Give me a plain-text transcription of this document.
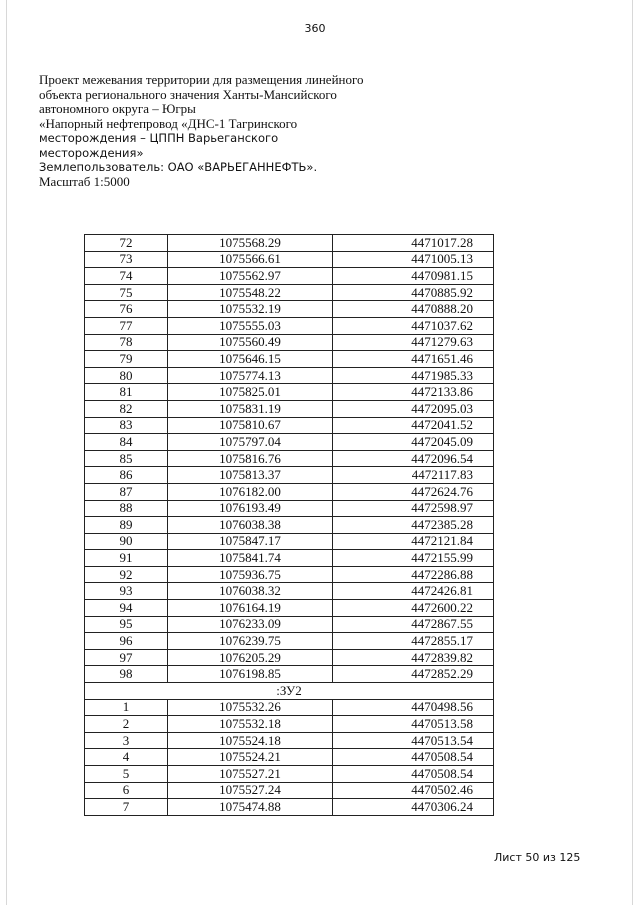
360
Проект межевания территории для размещения линейного
объекта регионального значения Ханты-Мансийского
автономного округа – Югры
«Напорный нефтепровод «ДНС-1 Тагринского
месторождения – ЦППН Варьеганского
месторождения»
Землепользователь: ОАО «ВАРЬЕГАННЕФТЬ».
Масштаб 1:5000
72	1075568.29	4471017.28
73	1075566.61	4471005.13
74	1075562.97	4470981.15
75	1075548.22	4470885.92
76	1075532.19	4470888.20
77	1075555.03	4471037.62
78	1075560.49	4471279.63
79	1075646.15	4471651.46
80	1075774.13	4471985.33
81	1075825.01	4472133.86
82	1075831.19	4472095.03
83	1075810.67	4472041.52
84	1075797.04	4472045.09
85	1075816.76	4472096.54
86	1075813.37	4472117.83
87	1076182.00	4472624.76
88	1076193.49	4472598.97
89	1076038.38	4472385.28
90	1075847.17	4472121.84
91	1075841.74	4472155.99
92	1075936.75	4472286.88
93	1076038.32	4472426.81
94	1076164.19	4472600.22
95	1076233.09	4472867.55
96	1076239.75	4472855.17
97	1076205.29	4472839.82
98	1076198.85	4472852.29
:ЗУ2		
1	1075532.26	4470498.56
2	1075532.18	4470513.58
3	1075524.18	4470513.54
4	1075524.21	4470508.54
5	1075527.21	4470508.54
6	1075527.24	4470502.46
7	1075474.88	4470306.24
Лист 50 из 125
